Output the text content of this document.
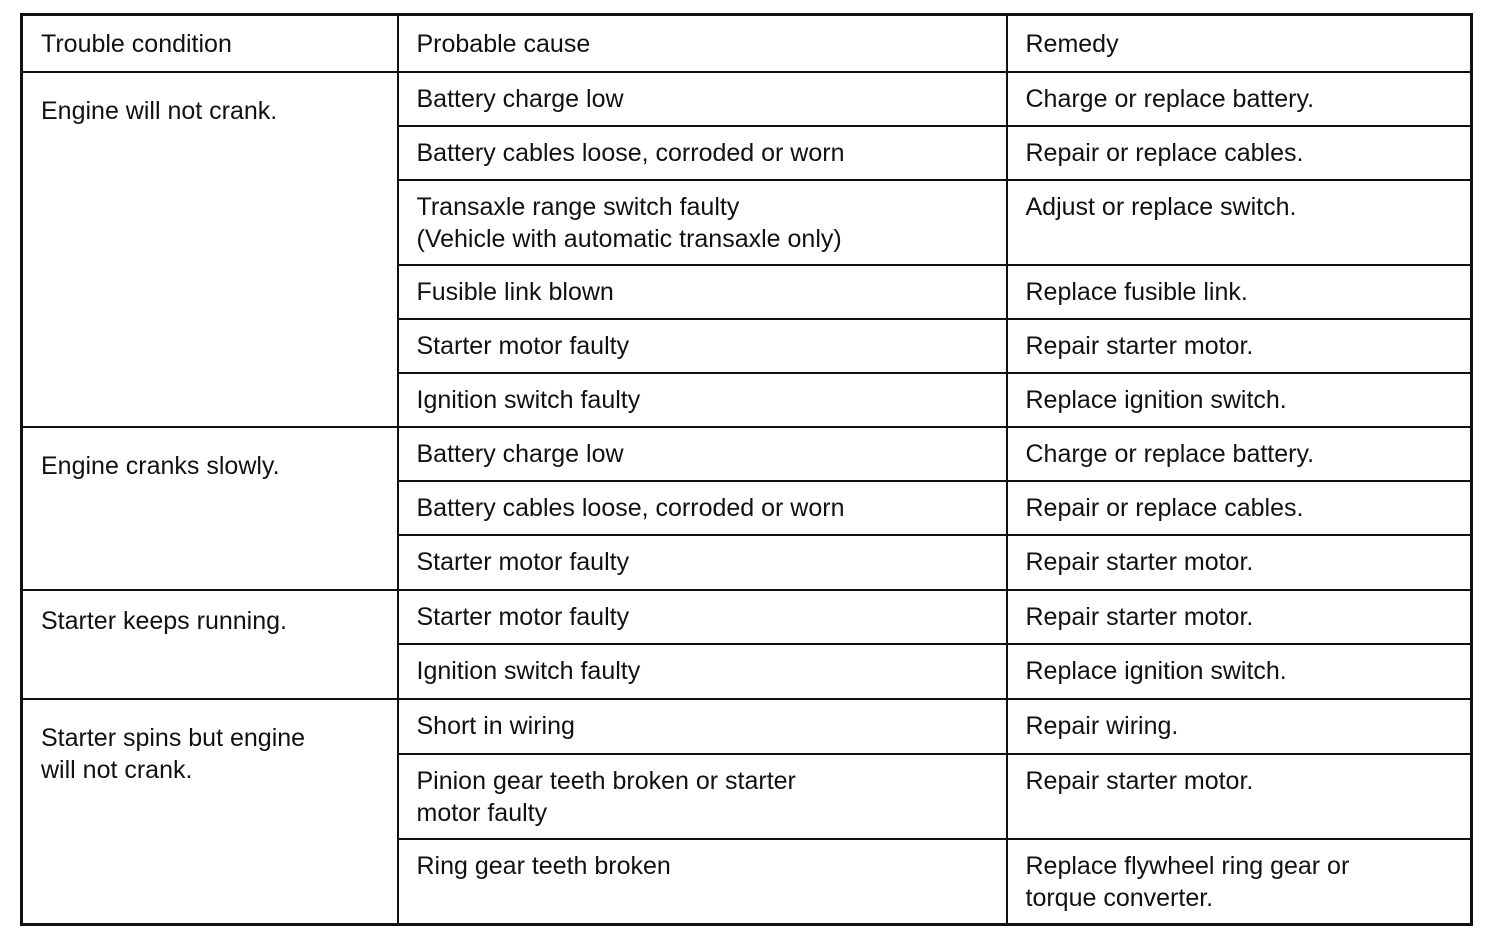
Trouble condition	Probable cause	Remedy

Engine will not crank.	Battery charge low	Charge or replace battery.

	Battery cables loose, corroded or worn	Repair or replace cables.

	Transaxle range switch faulty
(Vehicle with automatic transaxle only)	Adjust or replace switch.

	Fusible link blown	Replace fusible link.

	Starter motor faulty	Repair starter motor.

	Ignition switch faulty	Replace ignition switch.

Engine cranks slowly.	Battery charge low	Charge or replace battery.

	Battery cables loose, corroded or worn	Repair or replace cables.

	Starter motor faulty	Repair starter motor.

Starter keeps running.	Starter motor faulty	Repair starter motor.

	Ignition switch faulty	Replace ignition switch.

Starter spins but engine
will not crank.	Short in wiring	Repair wiring.

	Pinion gear teeth broken or starter
motor faulty	Repair starter motor.

	Ring gear teeth broken	Replace flywheel ring gear or
torque converter.
